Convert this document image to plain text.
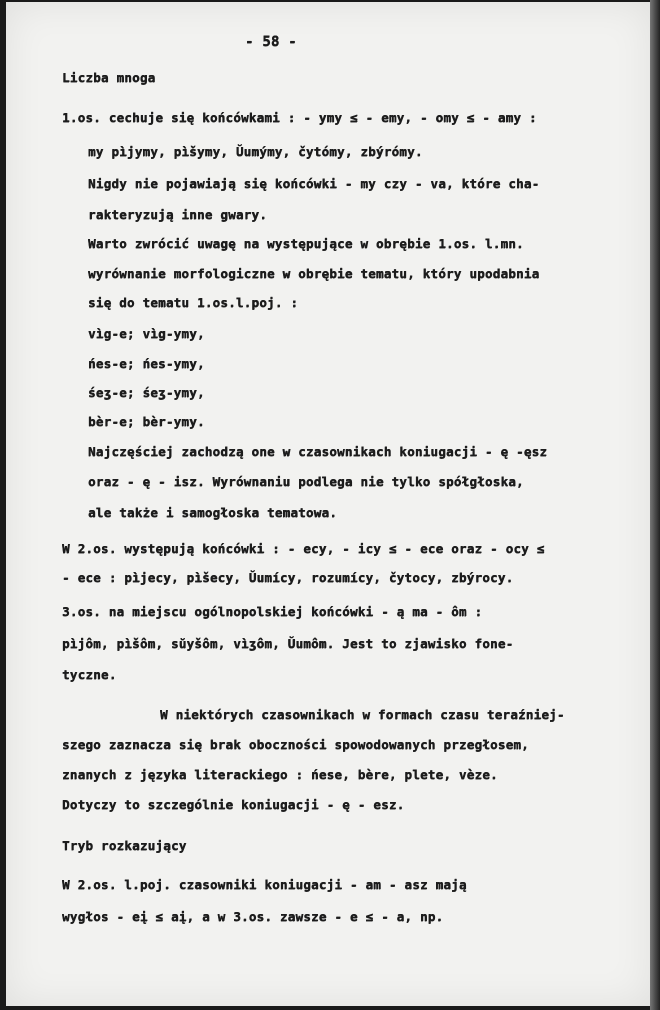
- 58 -
Liczba mnoga
1.os. cechuje się końcówkami : - ymy ≤ - emy, - omy ≤ - amy :
my pìjymy, pìšymy, Ŭumýmy, čytómy, zbýrómy.
Nigdy nie pojawiają się końcówki - my czy - va, które cha-
rakteryzują inne gwary.
Warto zwrócić uwagę na występujące w obrębie 1.os. l.mn.
wyrównanie morfologiczne w obrębie tematu, który upodabnia
się do tematu 1.os.l.poj. :
vìg-e; vìg-ymy,
ńes-e; ńes-ymy,
śeʒ-e; śeʒ-ymy,
bèr-e; bèr-ymy.
Najczęściej zachodzą one w czasownikach koniugacji - ę -ęsz
oraz - ę - isz. Wyrównaniu podlega nie tylko spółgłoska,
ale także i samogłoska tematowa.
W 2.os. występują końcówki : - ecy, - icy ≤ - ece oraz - ocy ≤
- ece : pìjecy, pìšecy, Ŭumícy, rozumícy, čytocy, zbýrocy.
3.os. na miejscu ogólnopolskiej końcówki - ą ma - ôm :
pìjôm, pìšôm, sŭyšôm, vìʒôm, Ŭumôm. Jest to zjawisko fone-
tyczne.
W niektórych czasownikach w formach czasu teraźniej-
szego zaznacza się brak oboczności spowodowanych przegłosem,
znanych z języka literackiego : ńese, bère, plete, vèze.
Dotyczy to szczególnie koniugacji - ę - esz.
Tryb rozkazujący
W 2.os. l.poj. czasowniki koniugacji - am - asz mają
wygłos - eį ≤ aį, a w 3.os. zawsze - e ≤ - a, np.
